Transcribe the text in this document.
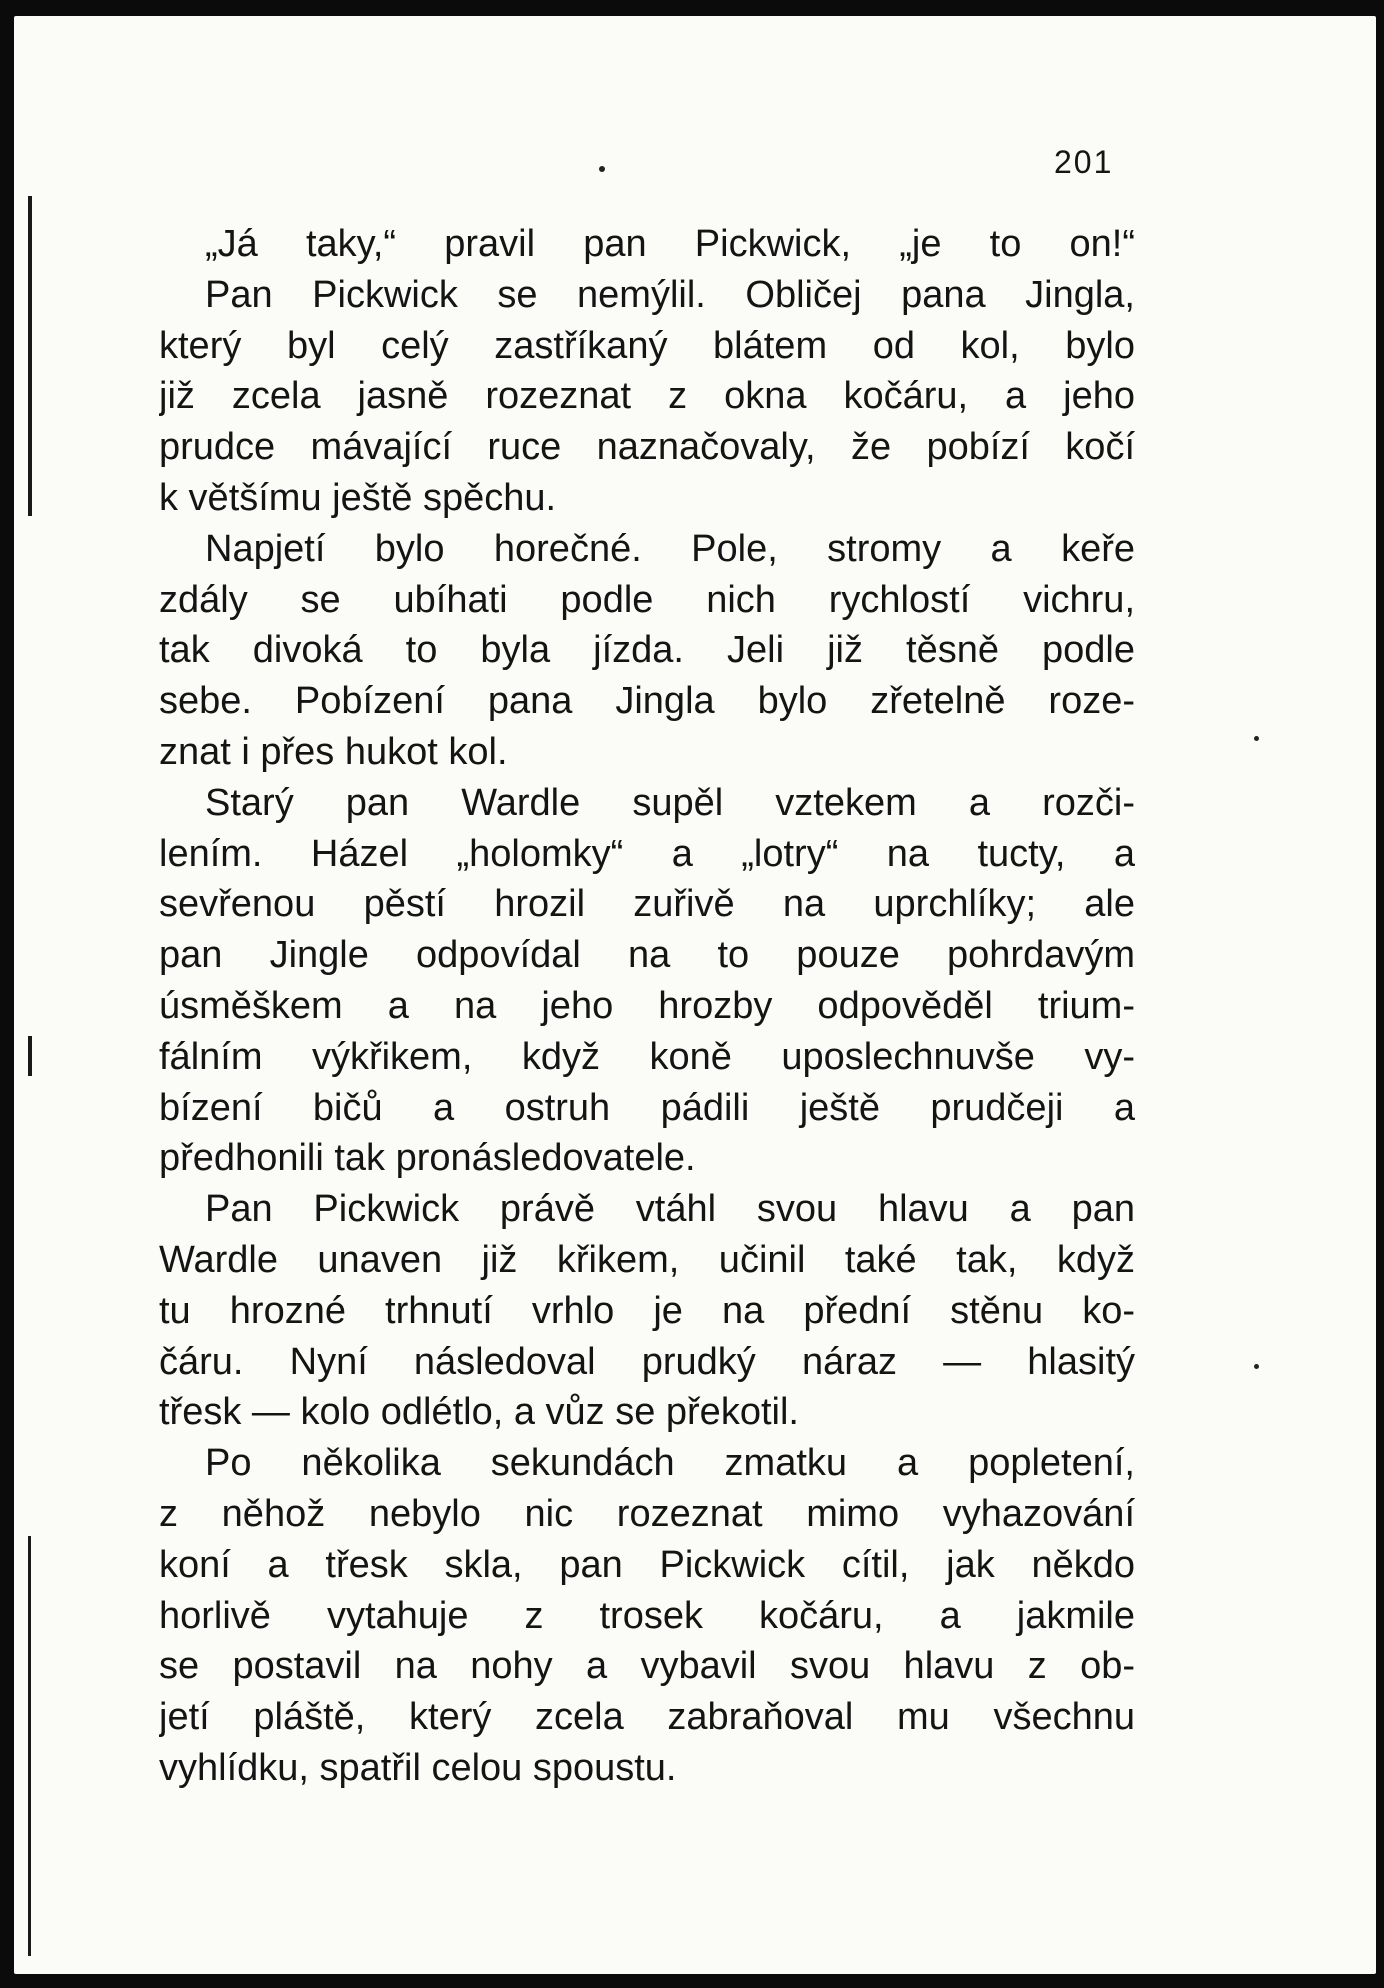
201
„Já taky,“ pravil pan Pickwick, „je to on!“
Pan Pickwick se nemýlil. Obličej pana Jingla,
který byl celý zastříkaný blátem od kol, bylo
již zcela jasně rozeznat z okna kočáru, a jeho
prudce mávající ruce naznačovaly, že pobízí kočí
k většímu ještě spěchu.
Napjetí bylo horečné. Pole, stromy a keře
zdály se ubíhati podle nich rychlostí vichru,
tak divoká to byla jízda. Jeli již těsně podle
sebe. Pobízení pana Jingla bylo zřetelně roze-
znat i přes hukot kol.
Starý pan Wardle supěl vztekem a rozči-
lením. Házel „holomky“ a „lotry“ na tucty, a
sevřenou pěstí hrozil zuřivě na uprchlíky; ale
pan Jingle odpovídal na to pouze pohrdavým
úsměškem a na jeho hrozby odpověděl trium-
fálním výkřikem, když koně uposlechnuvše vy-
bízení bičů a ostruh pádili ještě prudčeji a
předhonili tak pronásledovatele.
Pan Pickwick právě vtáhl svou hlavu a pan
Wardle unaven již křikem, učinil také tak, když
tu hrozné trhnutí vrhlo je na přední stěnu ko-
čáru. Nyní následoval prudký náraz — hlasitý
třesk — kolo odlétlo, a vůz se překotil.
Po několika sekundách zmatku a popletení,
z něhož nebylo nic rozeznat mimo vyhazování
koní a třesk skla, pan Pickwick cítil, jak někdo
horlivě vytahuje z trosek kočáru, a jakmile
se postavil na nohy a vybavil svou hlavu z ob-
jetí pláště, který zcela zabraňoval mu všechnu
vyhlídku, spatřil celou spoustu.
